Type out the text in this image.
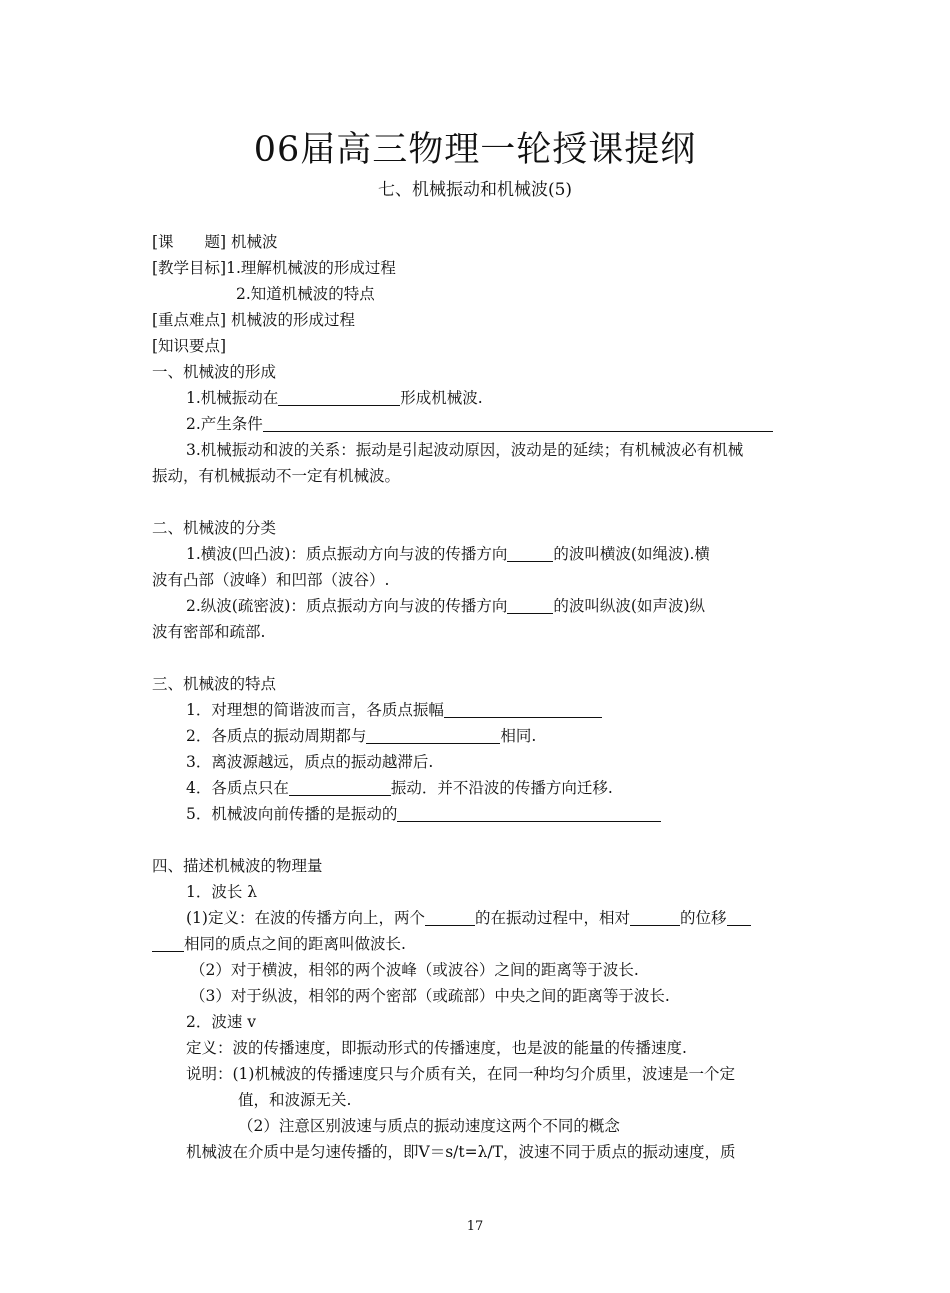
06届高三物理一轮授课提纲
七、机械振动和机械波(5)
[课　　题] 机械波
[教学目标]1.理解机械波的形成过程
2.知道机械波的特点
[重点难点] 机械波的形成过程
[知识要点]
一、机械波的形成
1.机械振动在	形成机械波.
2.产生条件
3.机械振动和波的关系：振动是引起波动原因，波动是的延续；有机械波必有机械
振动，有机械振动不一定有机械波。
二、机械波的分类
1.横波(凹凸波)：质点振动方向与波的传播方向	的波叫横波(如绳波).横
波有凸部（波峰）和凹部（波谷）.
2.纵波(疏密波)：质点振动方向与波的传播方向	的波叫纵波(如声波)纵
波有密部和疏部.
三、机械波的特点
1．对理想的简谐波而言，各质点振幅
2．各质点的振动周期都与	相同.
3．离波源越远，质点的振动越滞后.
4．各质点只在	振动．并不沿波的传播方向迁移.
5．机械波向前传播的是振动的
四、描述机械波的物理量
1．波长 λ
(1)定义：在波的传播方向上，两个	的在振动过程中，相对	的位移
相同的质点之间的距离叫做波长.
（2）对于横波，相邻的两个波峰（或波谷）之间的距离等于波长.
（3）对于纵波，相邻的两个密部（或疏部）中央之间的距离等于波长.
2．波速 v
定义：波的传播速度，即振动形式的传播速度，也是波的能量的传播速度.
说明：(1)机械波的传播速度只与介质有关，在同一种均匀介质里，波速是一个定
值，和波源无关.
（2）注意区别波速与质点的振动速度这两个不同的概念
机械波在介质中是匀速传播的，即V＝s/t=λ/T，波速不同于质点的振动速度，质
17
